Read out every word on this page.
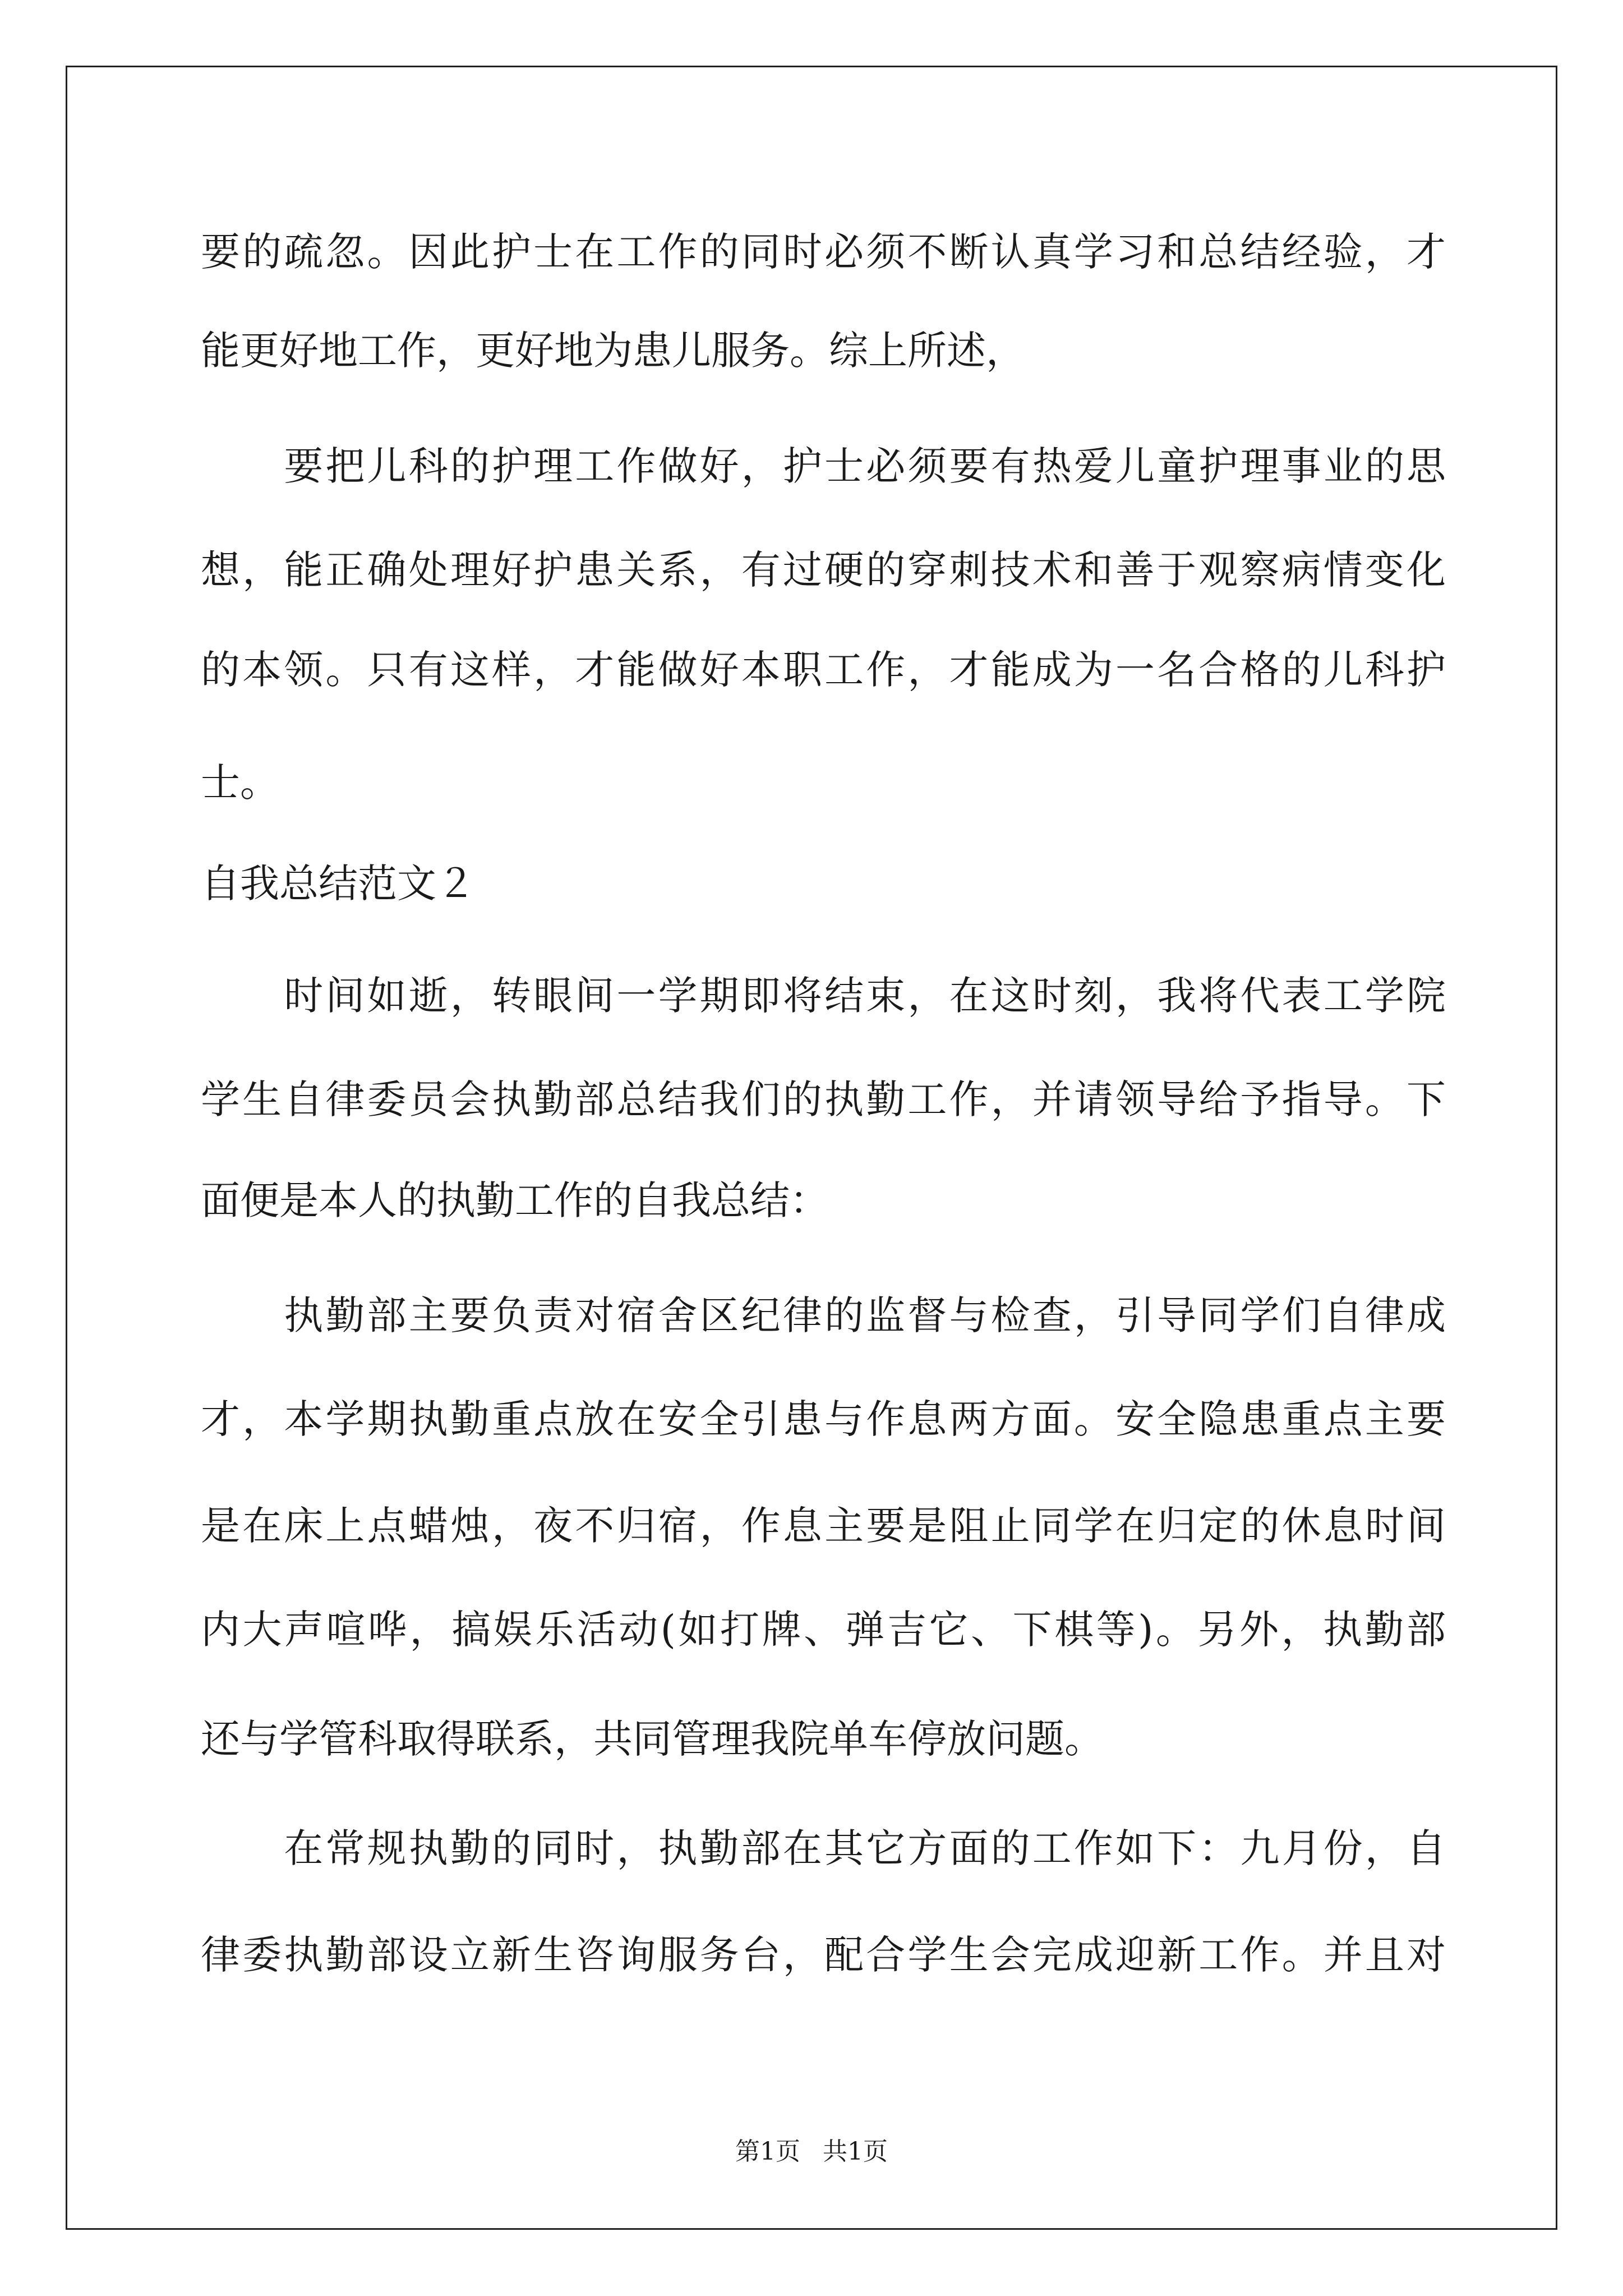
要的疏忽。因此护士在工作的同时必须不断认真学习和总结经验，才
能更好地工作，更好地为患儿服务。综上所述，
　　要把儿科的护理工作做好，护士必须要有热爱儿童护理事业的思
想，能正确处理好护患关系，有过硬的穿刺技术和善于观察病情变化
的本领。只有这样，才能做好本职工作，才能成为一名合格的儿科护
士。
自我总结范文２
　　时间如逝，转眼间一学期即将结束，在这时刻，我将代表工学院
学生自律委员会执勤部总结我们的执勤工作，并请领导给予指导。下
面便是本人的执勤工作的自我总结：
　　执勤部主要负责对宿舍区纪律的监督与检查，引导同学们自律成
才，本学期执勤重点放在安全引患与作息两方面。安全隐患重点主要
是在床上点蜡烛，夜不归宿，作息主要是阻止同学在归定的休息时间
内大声喧哗，搞娱乐活动(如打牌、弹吉它、下棋等)。另外，执勤部
还与学管科取得联系，共同管理我院单车停放问题。
　　在常规执勤的同时，执勤部在其它方面的工作如下：九月份，自
律委执勤部设立新生咨询服务台，配合学生会完成迎新工作。并且对
第1页 共1页
